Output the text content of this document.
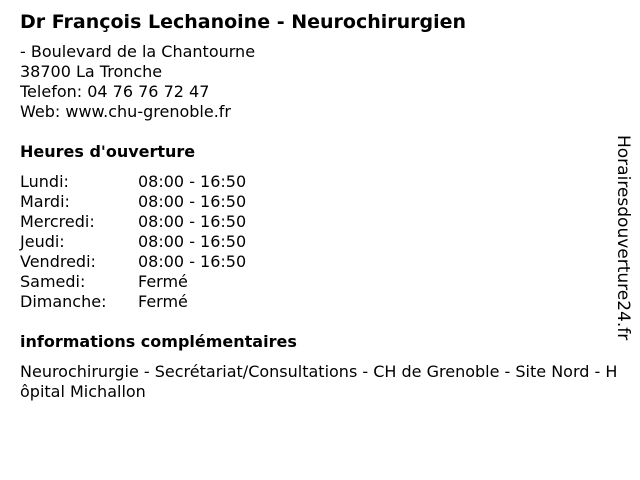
Dr François Lechanoine - Neurochirurgien
- Boulevard de la Chantourne
38700 La Tronche
Telefon: 04 76 76 72 47
Web: www.chu-grenoble.fr
Heures d'ouverture
Lundi:	08:00 - 16:50
Mardi:	08:00 - 16:50
Mercredi:	08:00 - 16:50
Jeudi:	08:00 - 16:50
Vendredi:	08:00 - 16:50
Samedi:	Fermé
Dimanche:	Fermé
informations complémentaires
Neurochirurgie - Secrétariat/Consultations - CH de Grenoble - Site Nord - Hôpital Michallon
Horairesdouverture24.fr
